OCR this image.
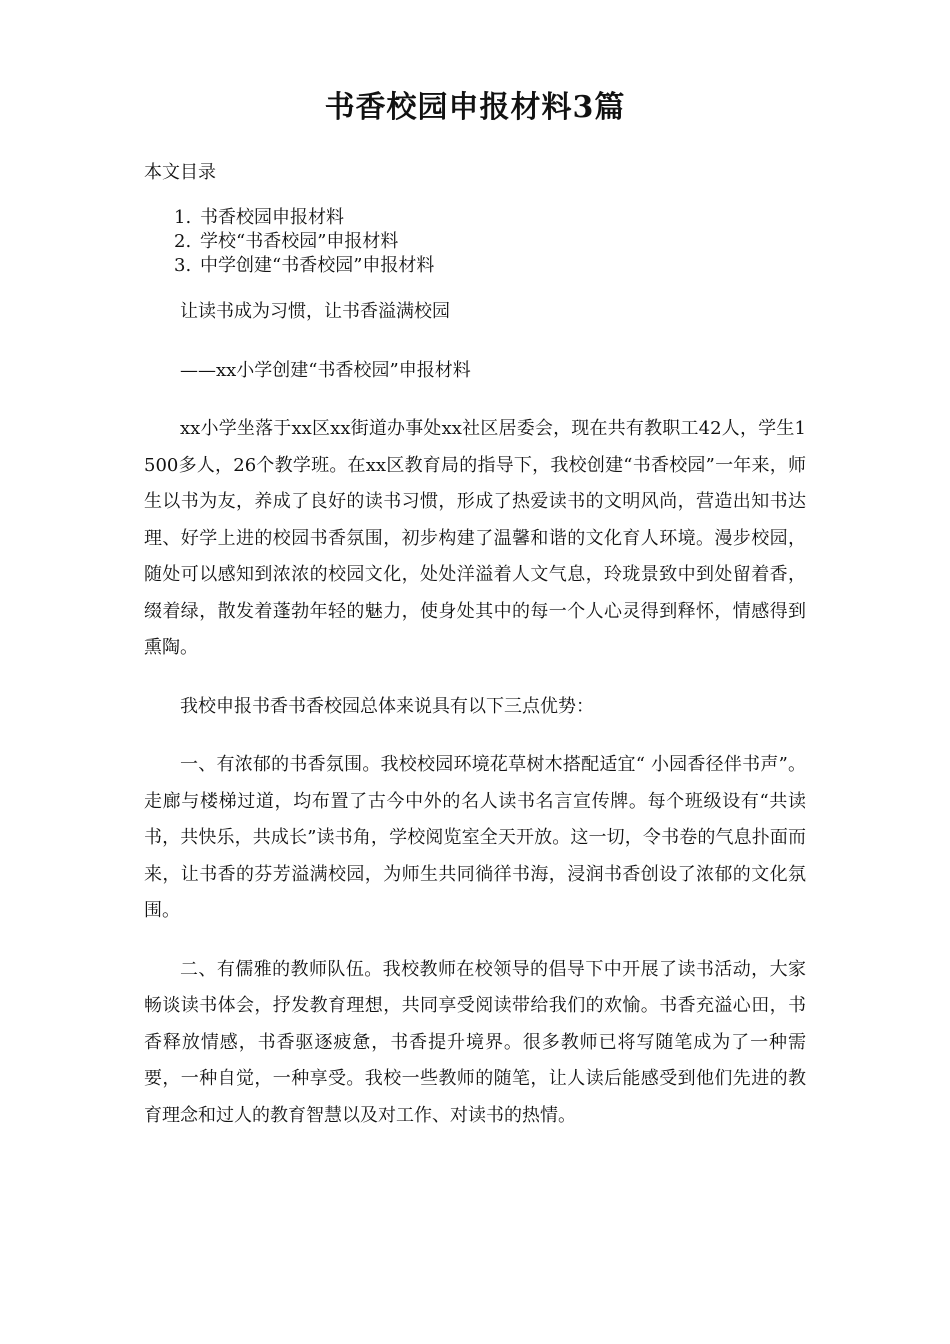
书香校园申报材料3篇
本文目录
1. 书香校园申报材料
2. 学校“书香校园”申报材料
3. 中学创建“书香校园”申报材料

让读书成为习惯，让书香溢满校园

——xx小学创建“书香校园”申报材料

xx小学坐落于xx区xx街道办事处xx社区居委会，现在共有教职工42人，学生1500多人，26个教学班。在xx区教育局的指导下，我校创建“书香校园”一年来，师生以书为友，养成了良好的读书习惯，形成了热爱读书的文明风尚，营造出知书达理、好学上进的校园书香氛围，初步构建了温馨和谐的文化育人环境。漫步校园，随处可以感知到浓浓的校园文化，处处洋溢着人文气息，玲珑景致中到处留着香，缀着绿，散发着蓬勃年轻的魅力，使身处其中的每一个人心灵得到释怀，情感得到熏陶。

我校申报书香书香校园总体来说具有以下三点优势：

一、有浓郁的书香氛围。我校校园环境花草树木搭配适宜“ 小园香径伴书声”。走廊与楼梯过道，均布置了古今中外的名人读书名言宣传牌。每个班级设有“共读书，共快乐，共成长”读书角，学校阅览室全天开放。这一切，令书卷的气息扑面而来，让书香的芬芳溢满校园，为师生共同徜徉书海，浸润书香创设了浓郁的文化氛围。

二、有儒雅的教师队伍。我校教师在校领导的倡导下中开展了读书活动，大家畅谈读书体会，抒发教育理想，共同享受阅读带给我们的欢愉。书香充溢心田，书香释放情感，书香驱逐疲惫，书香提升境界。很多教师已将写随笔成为了一种需要，一种自觉，一种享受。我校一些教师的随笔，让人读后能感受到他们先进的教育理念和过人的教育智慧以及对工作、对读书的热情。
